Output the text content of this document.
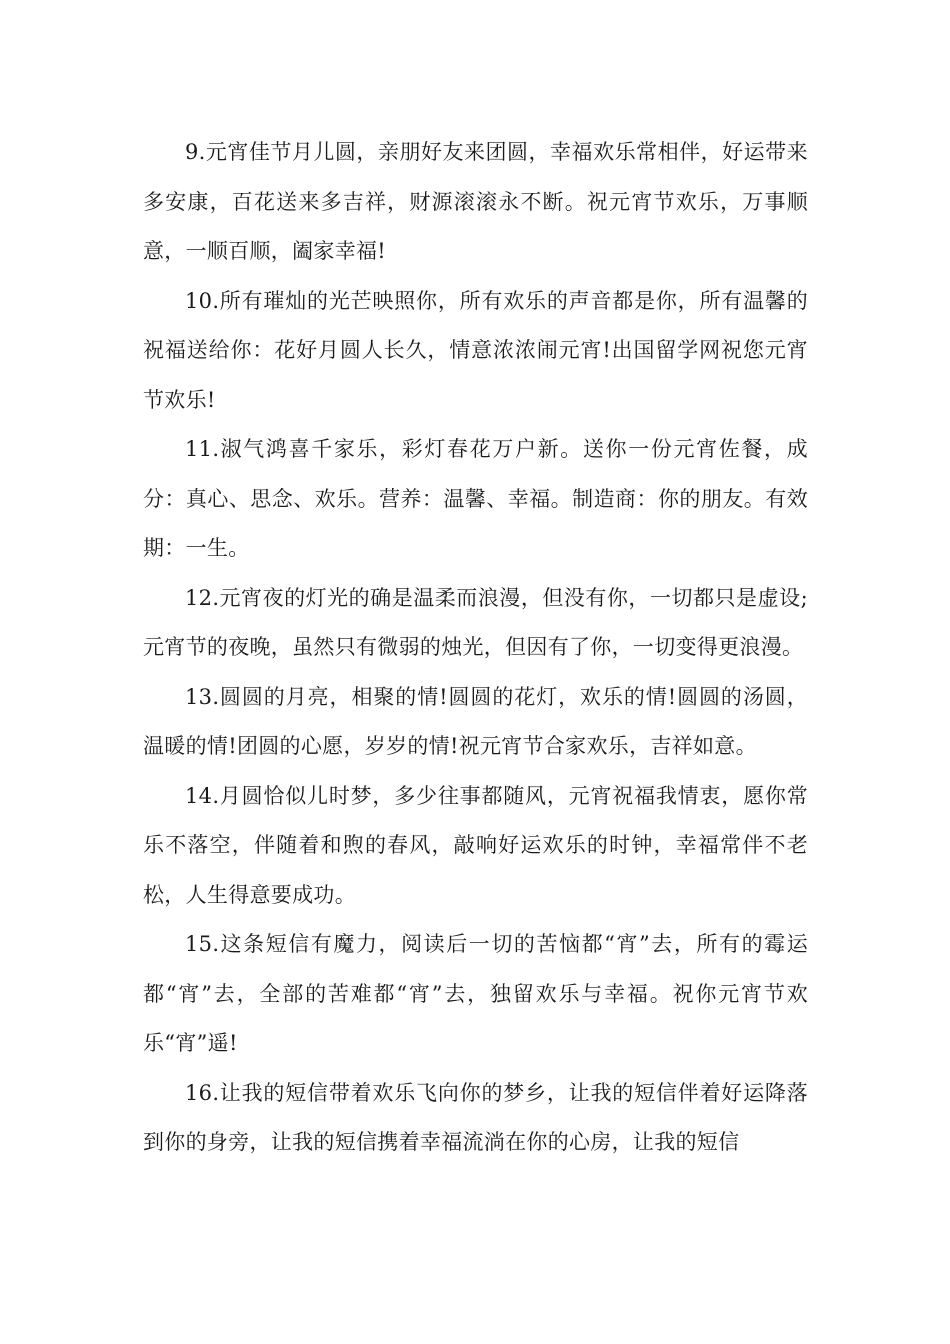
9.元宵佳节月儿圆，亲朋好友来团圆，幸福欢乐常相伴，好运带来多安康，百花送来多吉祥，财源滚滚永不断。祝元宵节欢乐，万事顺意，一顺百顺，阖家幸福!

10.所有璀灿的光芒映照你，所有欢乐的声音都是你，所有温馨的祝福送给你：花好月圆人长久，情意浓浓闹元宵!出国留学网祝您元宵节欢乐!

11.淑气鸿喜千家乐，彩灯春花万户新。送你一份元宵佐餐，成分：真心、思念、欢乐。营养：温馨、幸福。制造商：你的朋友。有效期：一生。

12.元宵夜的灯光的确是温柔而浪漫，但没有你，一切都只是虚设;元宵节的夜晚，虽然只有微弱的烛光，但因有了你，一切变得更浪漫。

13.圆圆的月亮，相聚的情!圆圆的花灯，欢乐的情!圆圆的汤圆，温暖的情!团圆的心愿，岁岁的情!祝元宵节合家欢乐，吉祥如意。

14.月圆恰似儿时梦，多少往事都随风，元宵祝福我情衷，愿你常乐不落空，伴随着和煦的春风，敲响好运欢乐的时钟，幸福常伴不老松，人生得意要成功。

15.这条短信有魔力，阅读后一切的苦恼都“宵”去，所有的霉运都“宵”去，全部的苦难都“宵”去，独留欢乐与幸福。祝你元宵节欢乐“宵”遥!

16.让我的短信带着欢乐飞向你的梦乡，让我的短信伴着好运降落到你的身旁，让我的短信携着幸福流淌在你的心房，让我的短信
